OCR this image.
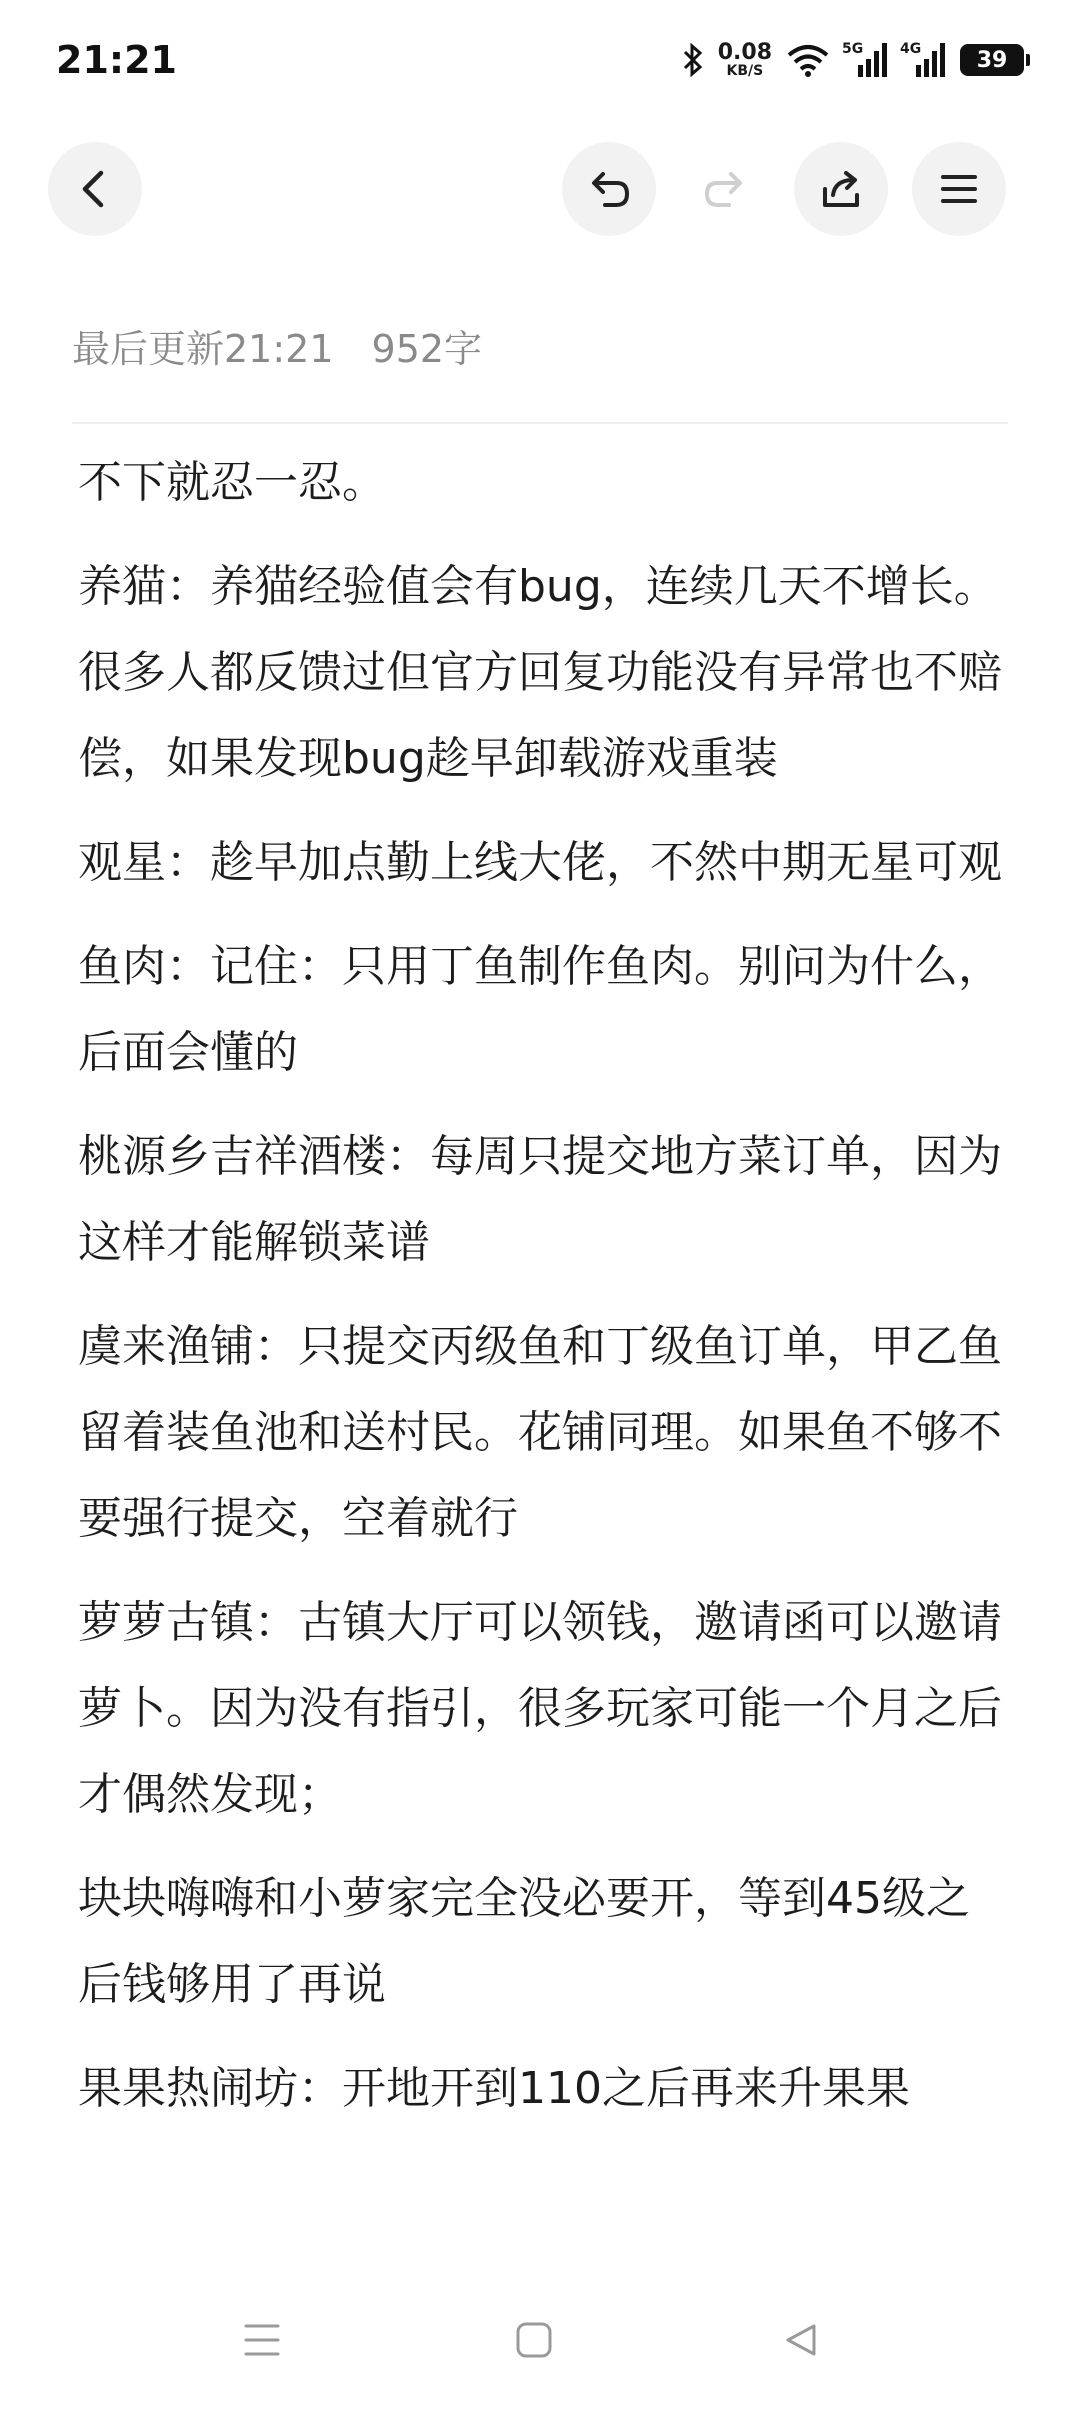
21:21	0.08
KB/S
5G	4G	39
最后更新21:21 952字

不下就忍一忍。

养猫：养猫经验值会有bug，连续几天不增长。很多人都反馈过但官方回复功能没有异常也不赔偿，如果发现bug趁早卸载游戏重装

观星：趁早加点勤上线大佬，不然中期无星可观

鱼肉：记住：只用丁鱼制作鱼肉。别问为什么，后面会懂的

桃源乡吉祥酒楼：每周只提交地方菜订单，因为这样才能解锁菜谱

虞来渔铺：只提交丙级鱼和丁级鱼订单，甲乙鱼留着装鱼池和送村民。花铺同理。如果鱼不够不要强行提交，空着就行

萝萝古镇：古镇大厅可以领钱，邀请函可以邀请萝卜。因为没有指引，很多玩家可能一个月之后才偶然发现；

块块嗨嗨和小萝家完全没必要开，等到45级之后钱够用了再说

果果热闹坊：开地开到110之后再来升果果
